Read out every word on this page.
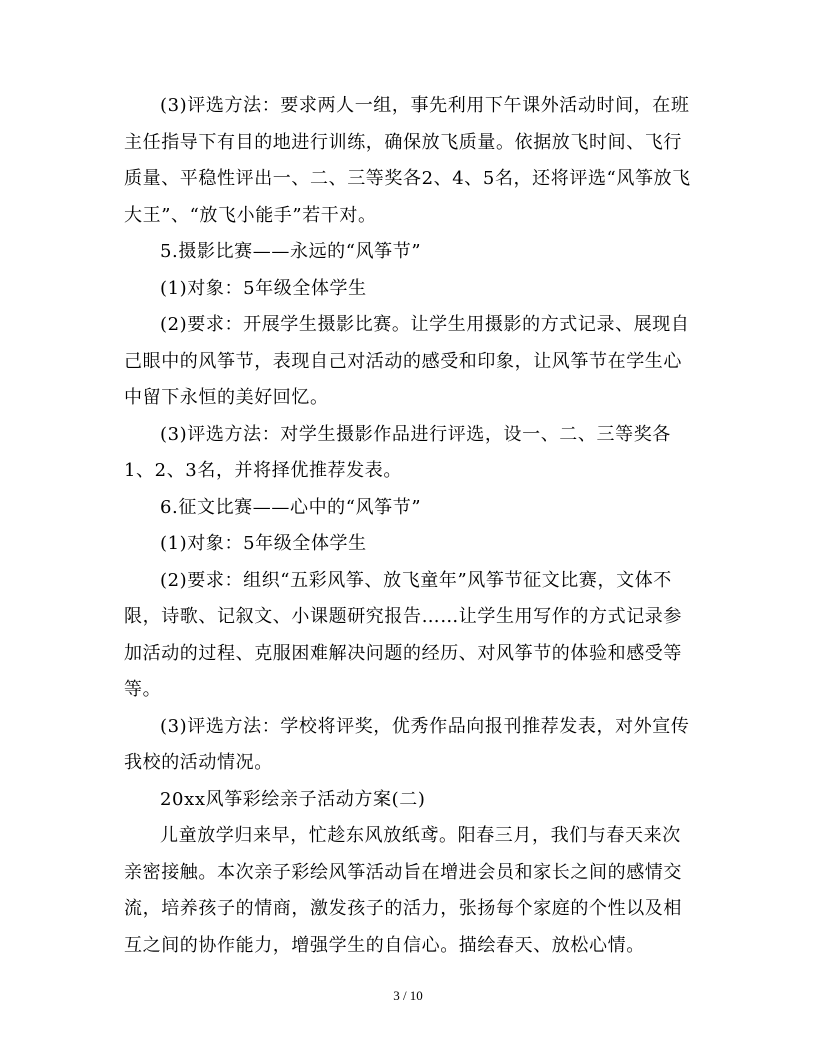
(3)评选方法：要求两人一组，事先利用下午课外活动时间，在班主任指导下有目的地进行训练，确保放飞质量。依据放飞时间、飞行质量、平稳性评出一、二、三等奖各2、4、5名，还将评选“风筝放飞大王”、“放飞小能手”若干对。

5.摄影比赛——永远的“风筝节”

(1)对象：5年级全体学生

(2)要求：开展学生摄影比赛。让学生用摄影的方式记录、展现自己眼中的风筝节，表现自己对活动的感受和印象，让风筝节在学生心中留下永恒的美好回忆。

(3)评选方法：对学生摄影作品进行评选，设一、二、三等奖各1、2、3名，并将择优推荐发表。

6.征文比赛——心中的“风筝节”

(1)对象：5年级全体学生

(2)要求：组织“五彩风筝、放飞童年”风筝节征文比赛，文体不限，诗歌、记叙文、小课题研究报告……让学生用写作的方式记录参加活动的过程、克服困难解决问题的经历、对风筝节的体验和感受等等。

(3)评选方法：学校将评奖，优秀作品向报刊推荐发表，对外宣传我校的活动情况。

20xx风筝彩绘亲子活动方案(二)

儿童放学归来早，忙趁东风放纸鸢。阳春三月，我们与春天来次亲密接触。本次亲子彩绘风筝活动旨在增进会员和家长之间的感情交流，培养孩子的情商，激发孩子的活力，张扬每个家庭的个性以及相互之间的协作能力，增强学生的自信心。描绘春天、放松心情。

3 / 10
